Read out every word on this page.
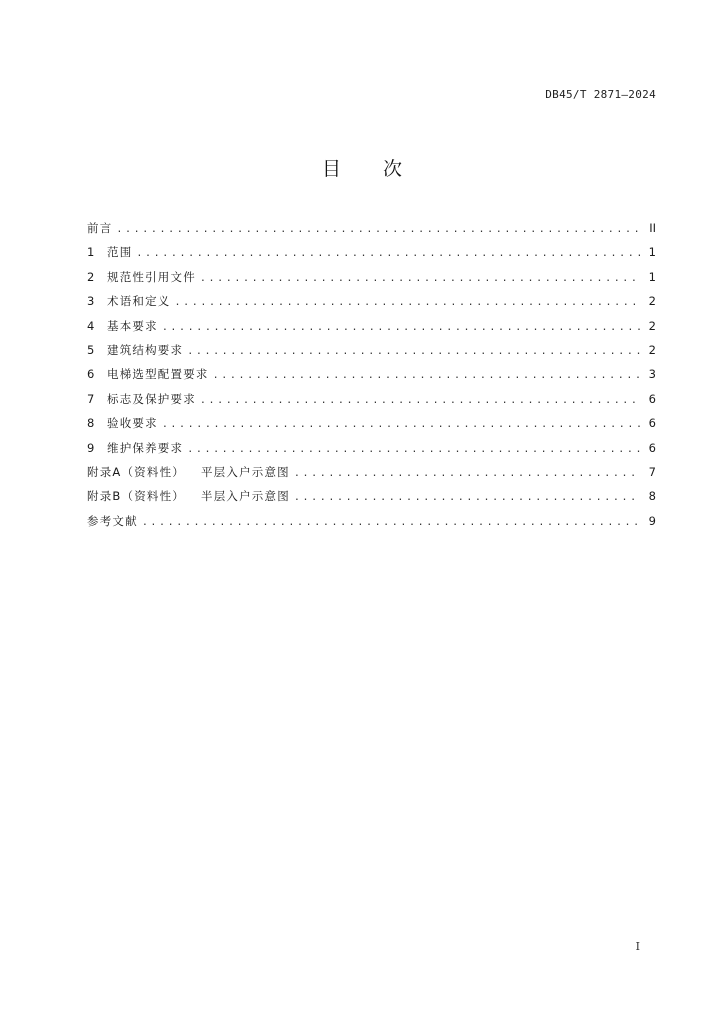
DB45/T 2871—2024
目 次
前言 .....	II
1	范围 .....	1
2	规范性引用文件 .....	1
3	术语和定义 .....	2
4	基本要求 .....	2
5	建筑结构要求 .....	2
6	电梯选型配置要求 .....	3
7	标志及保护要求 .....	6
8	验收要求 .....	6
9	维护保养要求 .....	6
附录A（资料性） 平层入户示意图 .....	7
附录B（资料性） 半层入户示意图 .....	8
参考文献 .....	9
I
